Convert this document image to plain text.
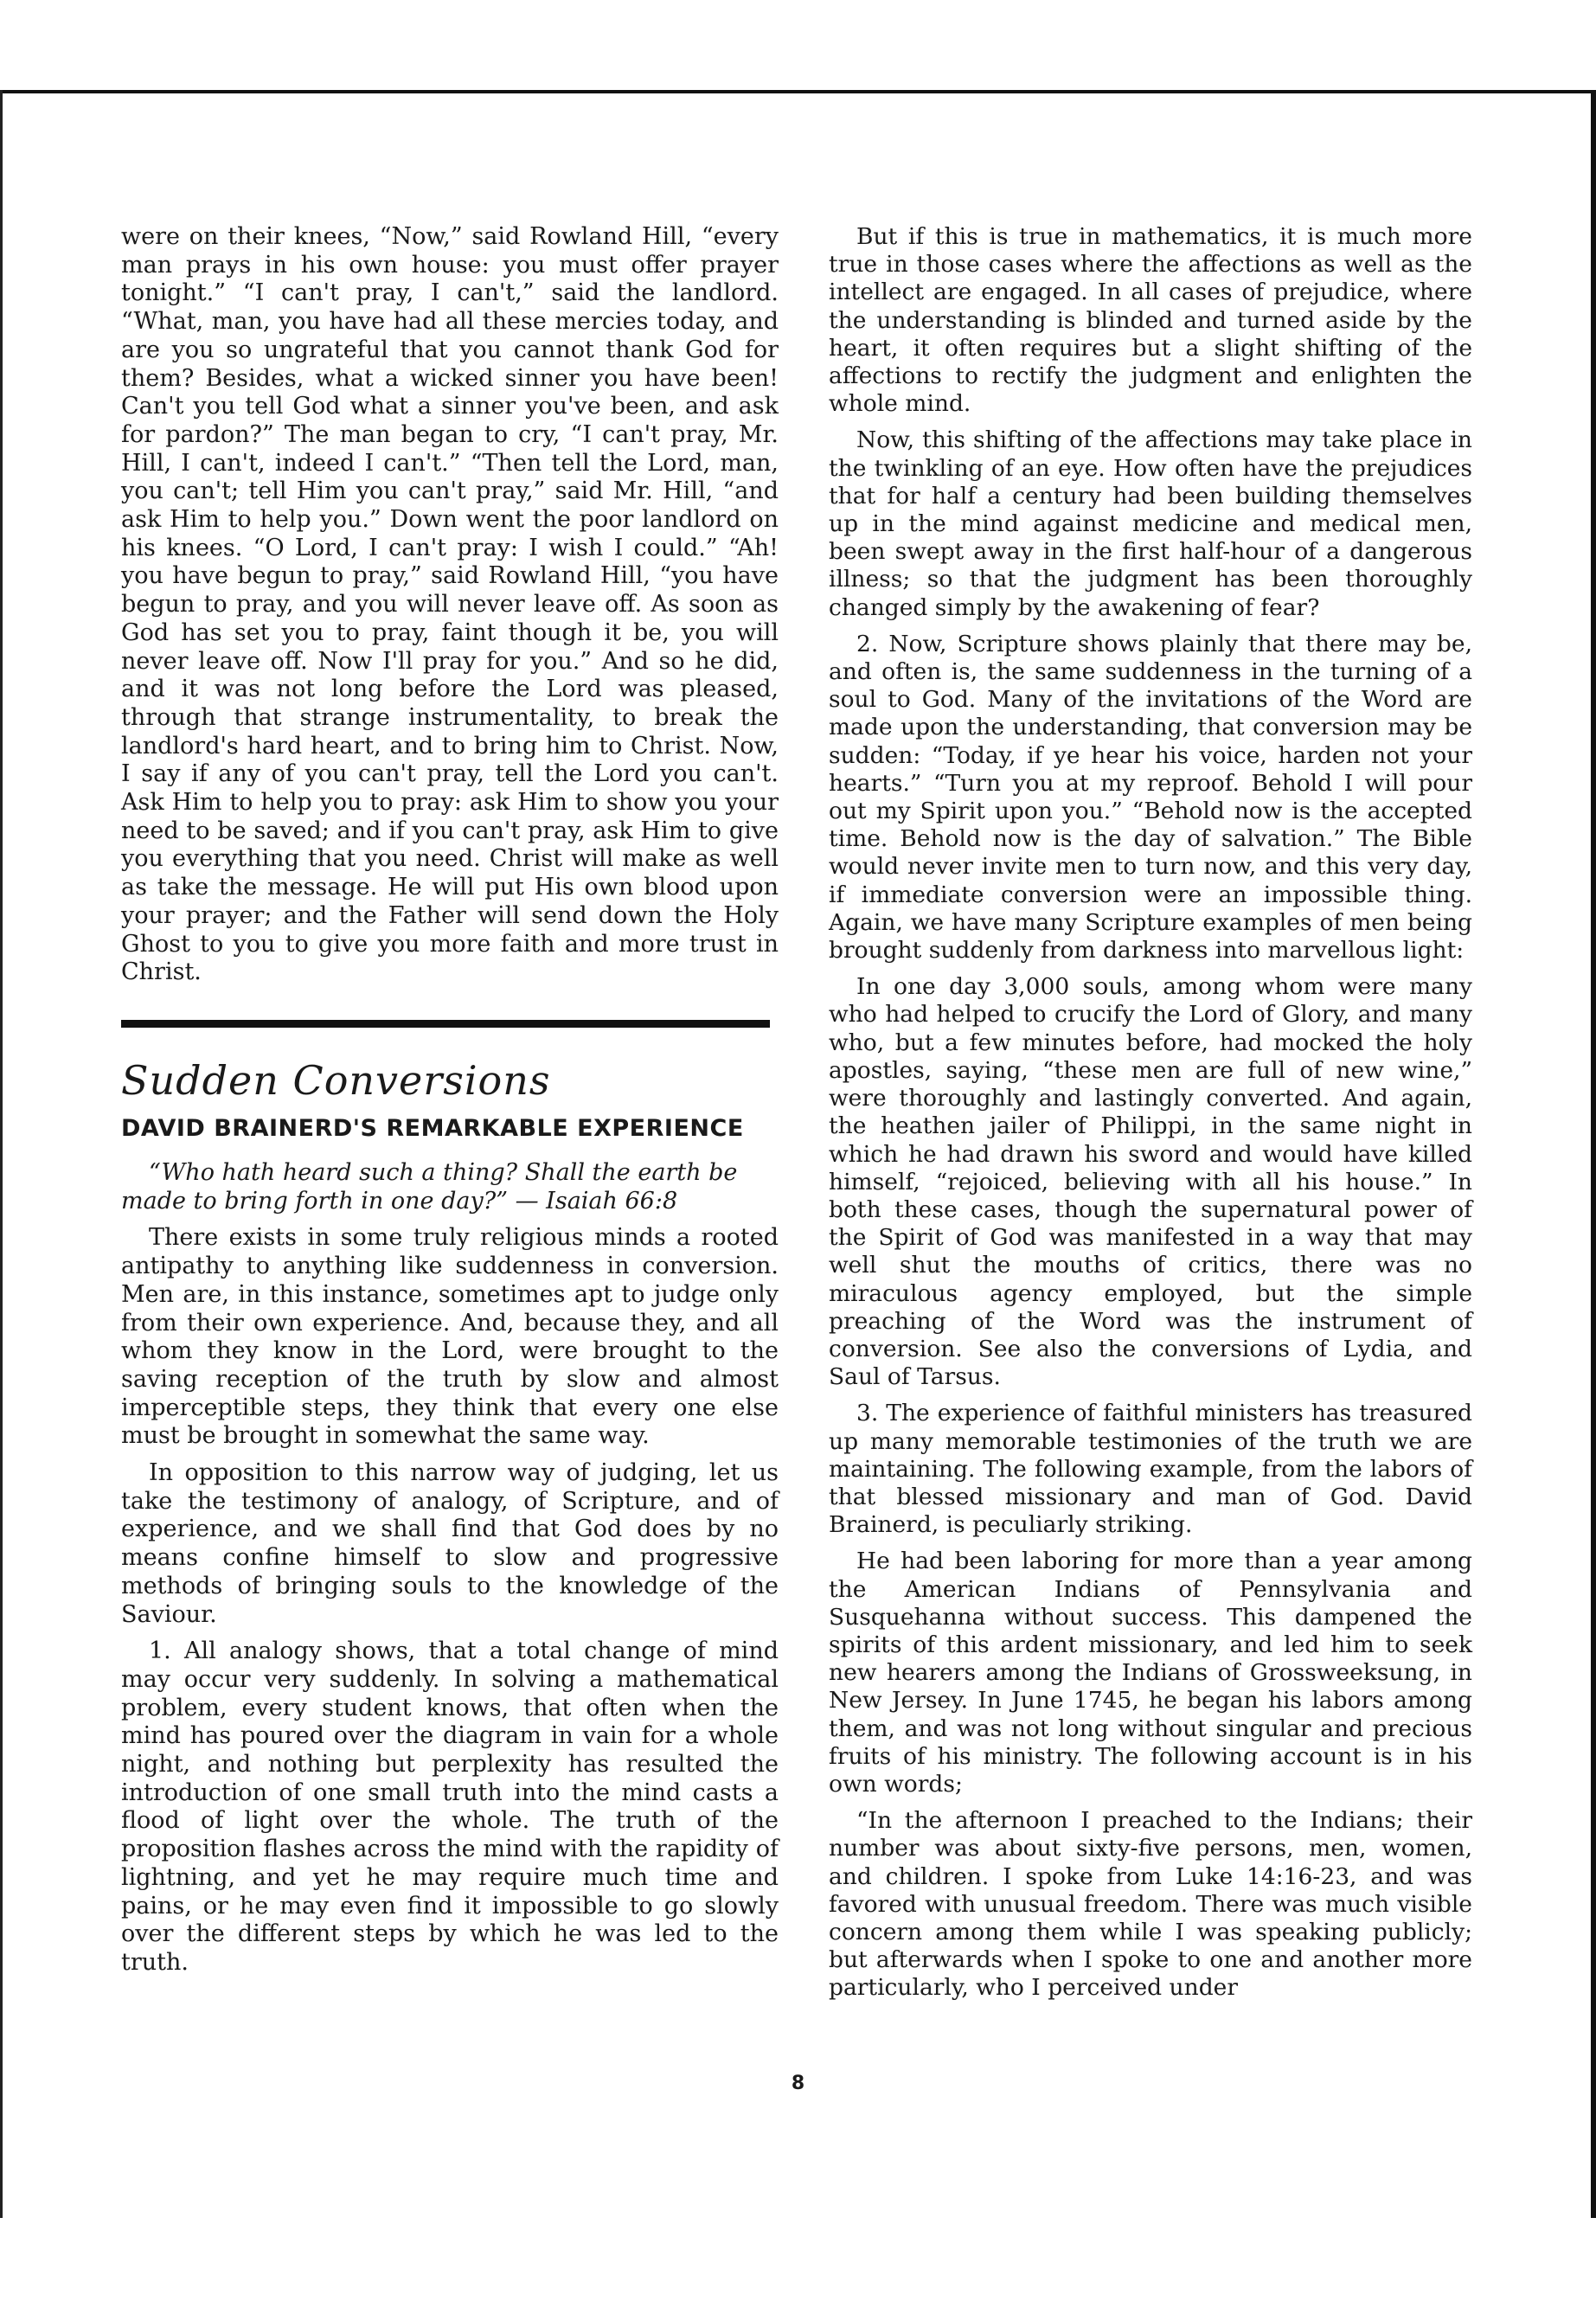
were on their knees, “Now,” said Rowland Hill, “every man prays in his own house: you must offer prayer tonight.” “I can't pray, I can't,” said the landlord. “What, man, you have had all these mercies today, and are you so ungrateful that you cannot thank God for them? Besides, what a wicked sinner you have been! Can't you tell God what a sinner you've been, and ask for pardon?” The man began to cry, “I can't pray, Mr. Hill, I can't, indeed I can't.” “Then tell the Lord, man, you can't; tell Him you can't pray,” said Mr. Hill, “and ask Him to help you.” Down went the poor landlord on his knees. “O Lord, I can't pray: I wish I could.” “Ah! you have begun to pray,” said Rowland Hill, “you have begun to pray, and you will never leave off. As soon as God has set you to pray, faint though it be, you will never leave off. Now I'll pray for you.” And so he did, and it was not long before the Lord was pleased, through that strange instrumentality, to break the landlord's hard heart, and to bring him to Christ. Now, I say if any of you can't pray, tell the Lord you can't. Ask Him to help you to pray: ask Him to show you your need to be saved; and if you can't pray, ask Him to give you everything that you need. Christ will make as well as take the message. He will put His own blood upon your prayer; and the Father will send down the Holy Ghost to you to give you more faith and more trust in Christ.

Sudden Conversions
DAVID BRAINERD'S REMARKABLE EXPERIENCE

“Who hath heard such a thing? Shall the earth be made to bring forth in one day?” — Isaiah 66:8

There exists in some truly religious minds a rooted antipathy to anything like suddenness in conversion. Men are, in this instance, sometimes apt to judge only from their own experience. And, because they, and all whom they know in the Lord, were brought to the saving reception of the truth by slow and almost imperceptible steps, they think that every one else must be brought in somewhat the same way.

In opposition to this narrow way of judging, let us take the testimony of analogy, of Scripture, and of experience, and we shall find that God does by no means confine himself to slow and progressive methods of bringing souls to the knowledge of the Saviour.

1. All analogy shows, that a total change of mind may occur very suddenly. In solving a mathematical problem, every student knows, that often when the mind has poured over the diagram in vain for a whole night, and nothing but perplexity has resulted the introduction of one small truth into the mind casts a flood of light over the whole. The truth of the proposition flashes across the mind with the rapidity of lightning, and yet he may require much time and pains, or he may even find it impossible to go slowly over the different steps by which he was led to the truth.

But if this is true in mathematics, it is much more true in those cases where the affections as well as the intellect are engaged. In all cases of prejudice, where the understanding is blinded and turned aside by the heart, it often requires but a slight shifting of the affections to rectify the judgment and enlighten the whole mind.

Now, this shifting of the affections may take place in the twinkling of an eye. How often have the prejudices that for half a century had been building themselves up in the mind against medicine and medical men, been swept away in the first half-hour of a dangerous illness; so that the judgment has been thoroughly changed simply by the awakening of fear?

2. Now, Scripture shows plainly that there may be, and often is, the same suddenness in the turning of a soul to God. Many of the invitations of the Word are made upon the understanding, that conversion may be sudden: “Today, if ye hear his voice, harden not your hearts.” “Turn you at my reproof. Behold I will pour out my Spirit upon you.” “Behold now is the accepted time. Behold now is the day of salvation.” The Bible would never invite men to turn now, and this very day, if immediate conversion were an impossible thing. Again, we have many Scripture examples of men being brought suddenly from darkness into marvellous light:

In one day 3,000 souls, among whom were many who had helped to crucify the Lord of Glory, and many who, but a few minutes before, had mocked the holy apostles, saying, “these men are full of new wine,” were thoroughly and lastingly converted. And again, the heathen jailer of Philippi, in the same night in which he had drawn his sword and would have killed himself, “rejoiced, believing with all his house.” In both these cases, though the supernatural power of the Spirit of God was manifested in a way that may well shut the mouths of critics, there was no miraculous agency employed, but the simple preaching of the Word was the instrument of conversion. See also the conversions of Lydia, and Saul of Tarsus.

3. The experience of faithful ministers has treasured up many memorable testimonies of the truth we are maintaining. The following example, from the labors of that blessed missionary and man of God. David Brainerd, is peculiarly striking.

He had been laboring for more than a year among the American Indians of Pennsylvania and Susquehanna without success. This dampened the spirits of this ardent missionary, and led him to seek new hearers among the Indians of Grossweeksung, in New Jersey. In June 1745, he began his labors among them, and was not long without singular and precious fruits of his ministry. The following account is in his own words;

“In the afternoon I preached to the Indians; their number was about sixty-five persons, men, women, and children. I spoke from Luke 14:16-23, and was favored with unusual freedom. There was much visible concern among them while I was speaking publicly; but afterwards when I spoke to one and another more particularly, who I perceived under

8
